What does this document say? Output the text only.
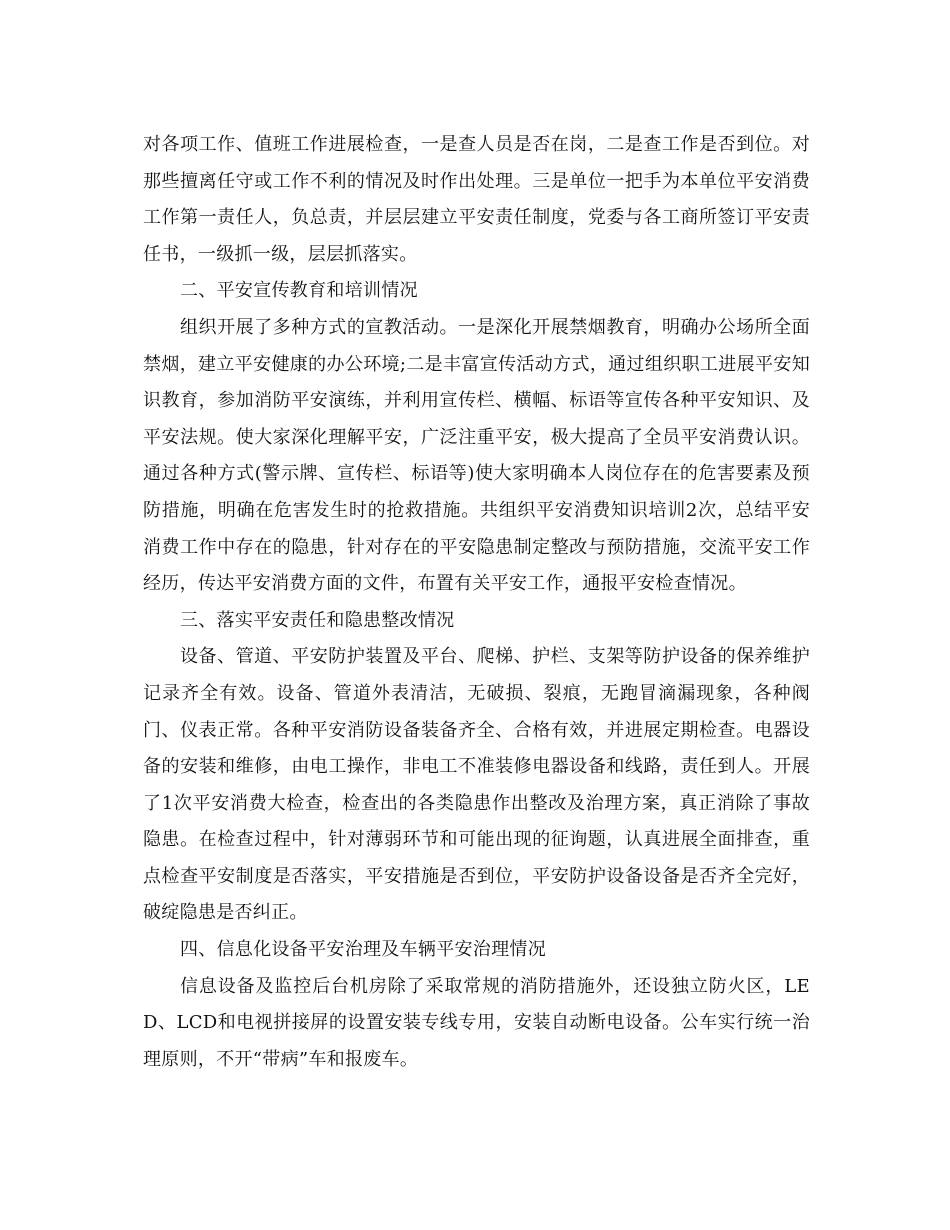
对各项工作、值班工作进展检查，一是查人员是否在岗，二是查工作是否到位。对那些擅离任守或工作不利的情况及时作出处理。三是单位一把手为本单位平安消费工作第一责任人，负总责，并层层建立平安责任制度，党委与各工商所签订平安责任书，一级抓一级，层层抓落实。

二、平安宣传教育和培训情况

组织开展了多种方式的宣教活动。一是深化开展禁烟教育，明确办公场所全面禁烟，建立平安健康的办公环境;二是丰富宣传活动方式，通过组织职工进展平安知识教育，参加消防平安演练，并利用宣传栏、横幅、标语等宣传各种平安知识、及平安法规。使大家深化理解平安，广泛注重平安，极大提高了全员平安消费认识。通过各种方式(警示牌、宣传栏、标语等)使大家明确本人岗位存在的危害要素及预防措施，明确在危害发生时的抢救措施。共组织平安消费知识培训2次，总结平安消费工作中存在的隐患，针对存在的平安隐患制定整改与预防措施，交流平安工作经历，传达平安消费方面的文件，布置有关平安工作，通报平安检查情况。

三、落实平安责任和隐患整改情况

设备、管道、平安防护装置及平台、爬梯、护栏、支架等防护设备的保养维护记录齐全有效。设备、管道外表清洁，无破损、裂痕，无跑冒滴漏现象，各种阀门、仪表正常。各种平安消防设备装备齐全、合格有效，并进展定期检查。电器设备的安装和维修，由电工操作，非电工不准装修电器设备和线路，责任到人。开展了1次平安消费大检查，检查出的各类隐患作出整改及治理方案，真正消除了事故隐患。在检查过程中，针对薄弱环节和可能出现的征询题，认真进展全面排查，重点检查平安制度是否落实，平安措施是否到位，平安防护设备设备是否齐全完好，破绽隐患是否纠正。

四、信息化设备平安治理及车辆平安治理情况

信息设备及监控后台机房除了采取常规的消防措施外，还设独立防火区，LED、LCD和电视拼接屏的设置安装专线专用，安装自动断电设备。公车实行统一治理原则，不开“带病”车和报废车。
